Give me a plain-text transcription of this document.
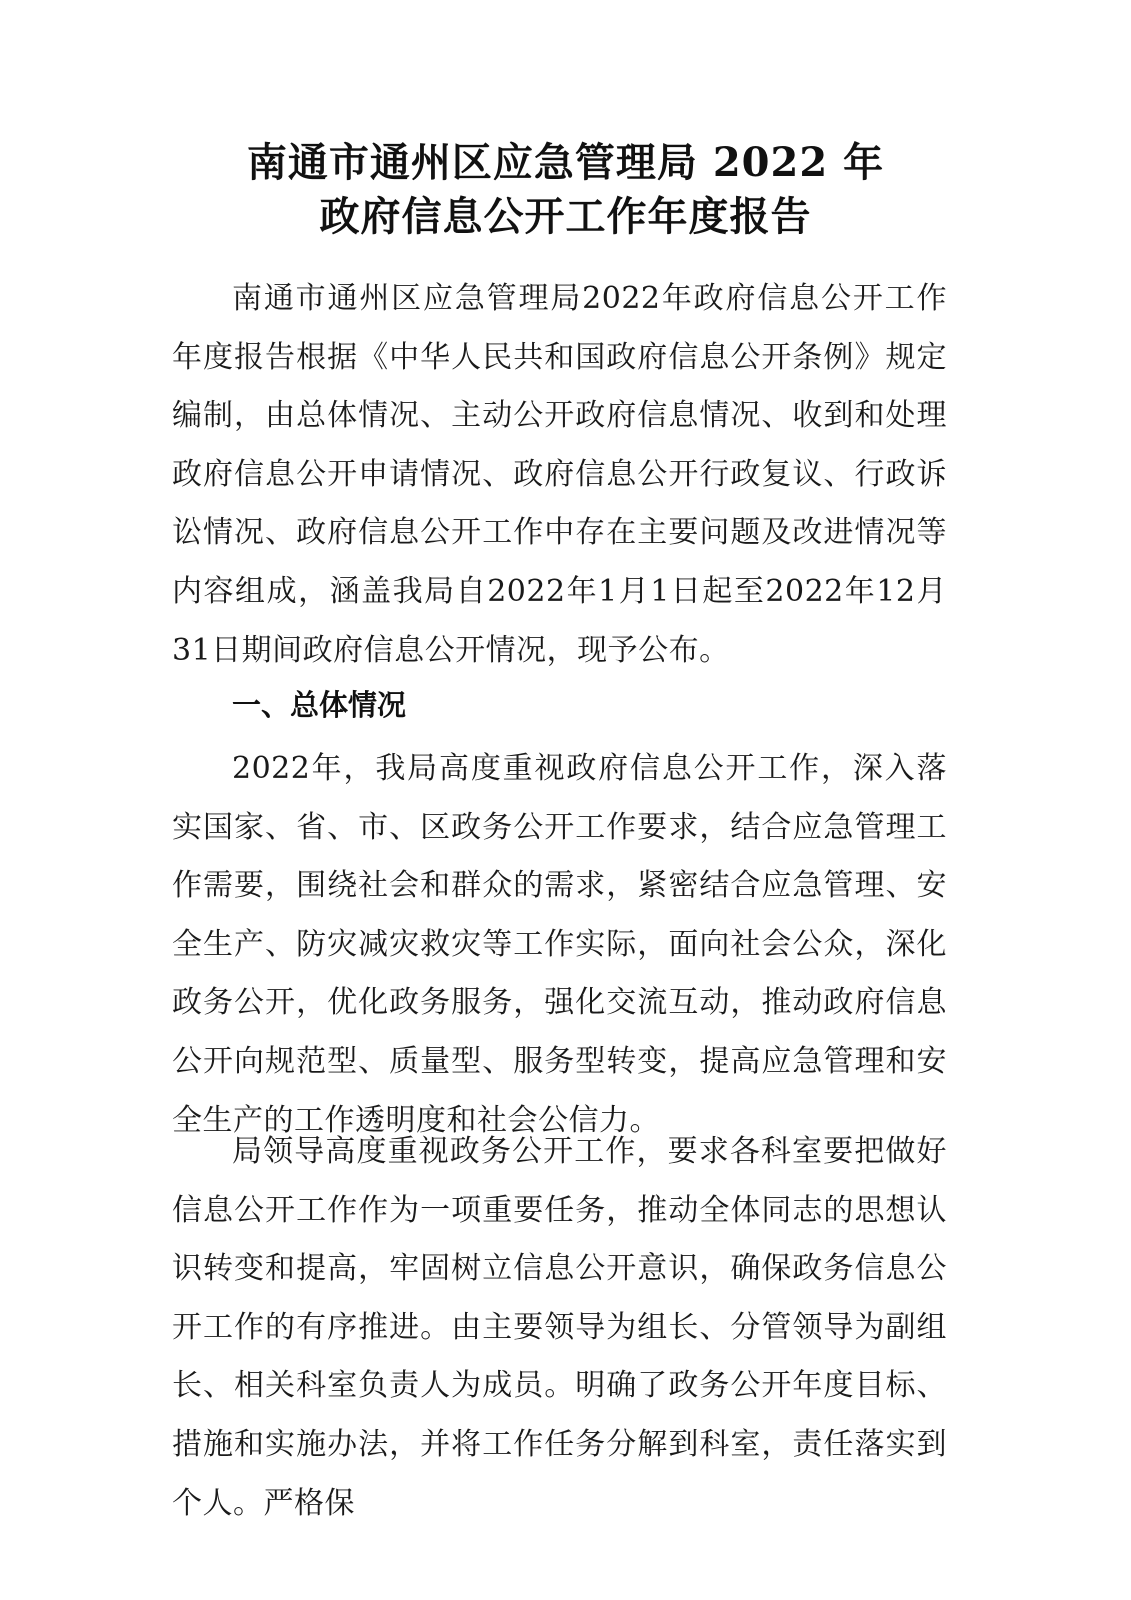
南通市通州区应急管理局 2022 年
政府信息公开工作年度报告

南通市通州区应急管理局2022年政府信息公开工作年度报告根据《中华人民共和国政府信息公开条例》规定编制，由总体情况、主动公开政府信息情况、收到和处理政府信息公开申请情况、政府信息公开行政复议、行政诉讼情况、政府信息公开工作中存在主要问题及改进情况等内容组成，涵盖我局自2022年1月1日起至2022年12月31日期间政府信息公开情况，现予公布。

一、总体情况

2022年，我局高度重视政府信息公开工作，深入落实国家、省、市、区政务公开工作要求，结合应急管理工作需要，围绕社会和群众的需求，紧密结合应急管理、安全生产、防灾减灾救灾等工作实际，面向社会公众，深化政务公开，优化政务服务，强化交流互动，推动政府信息公开向规范型、质量型、服务型转变，提高应急管理和安全生产的工作透明度和社会公信力。

局领导高度重视政务公开工作，要求各科室要把做好信息公开工作作为一项重要任务，推动全体同志的思想认识转变和提高，牢固树立信息公开意识，确保政务信息公开工作的有序推进。由主要领导为组长、分管领导为副组长、相关科室负责人为成员。明确了政务公开年度目标、措施和实施办法，并将工作任务分解到科室，责任落实到个人。严格保
